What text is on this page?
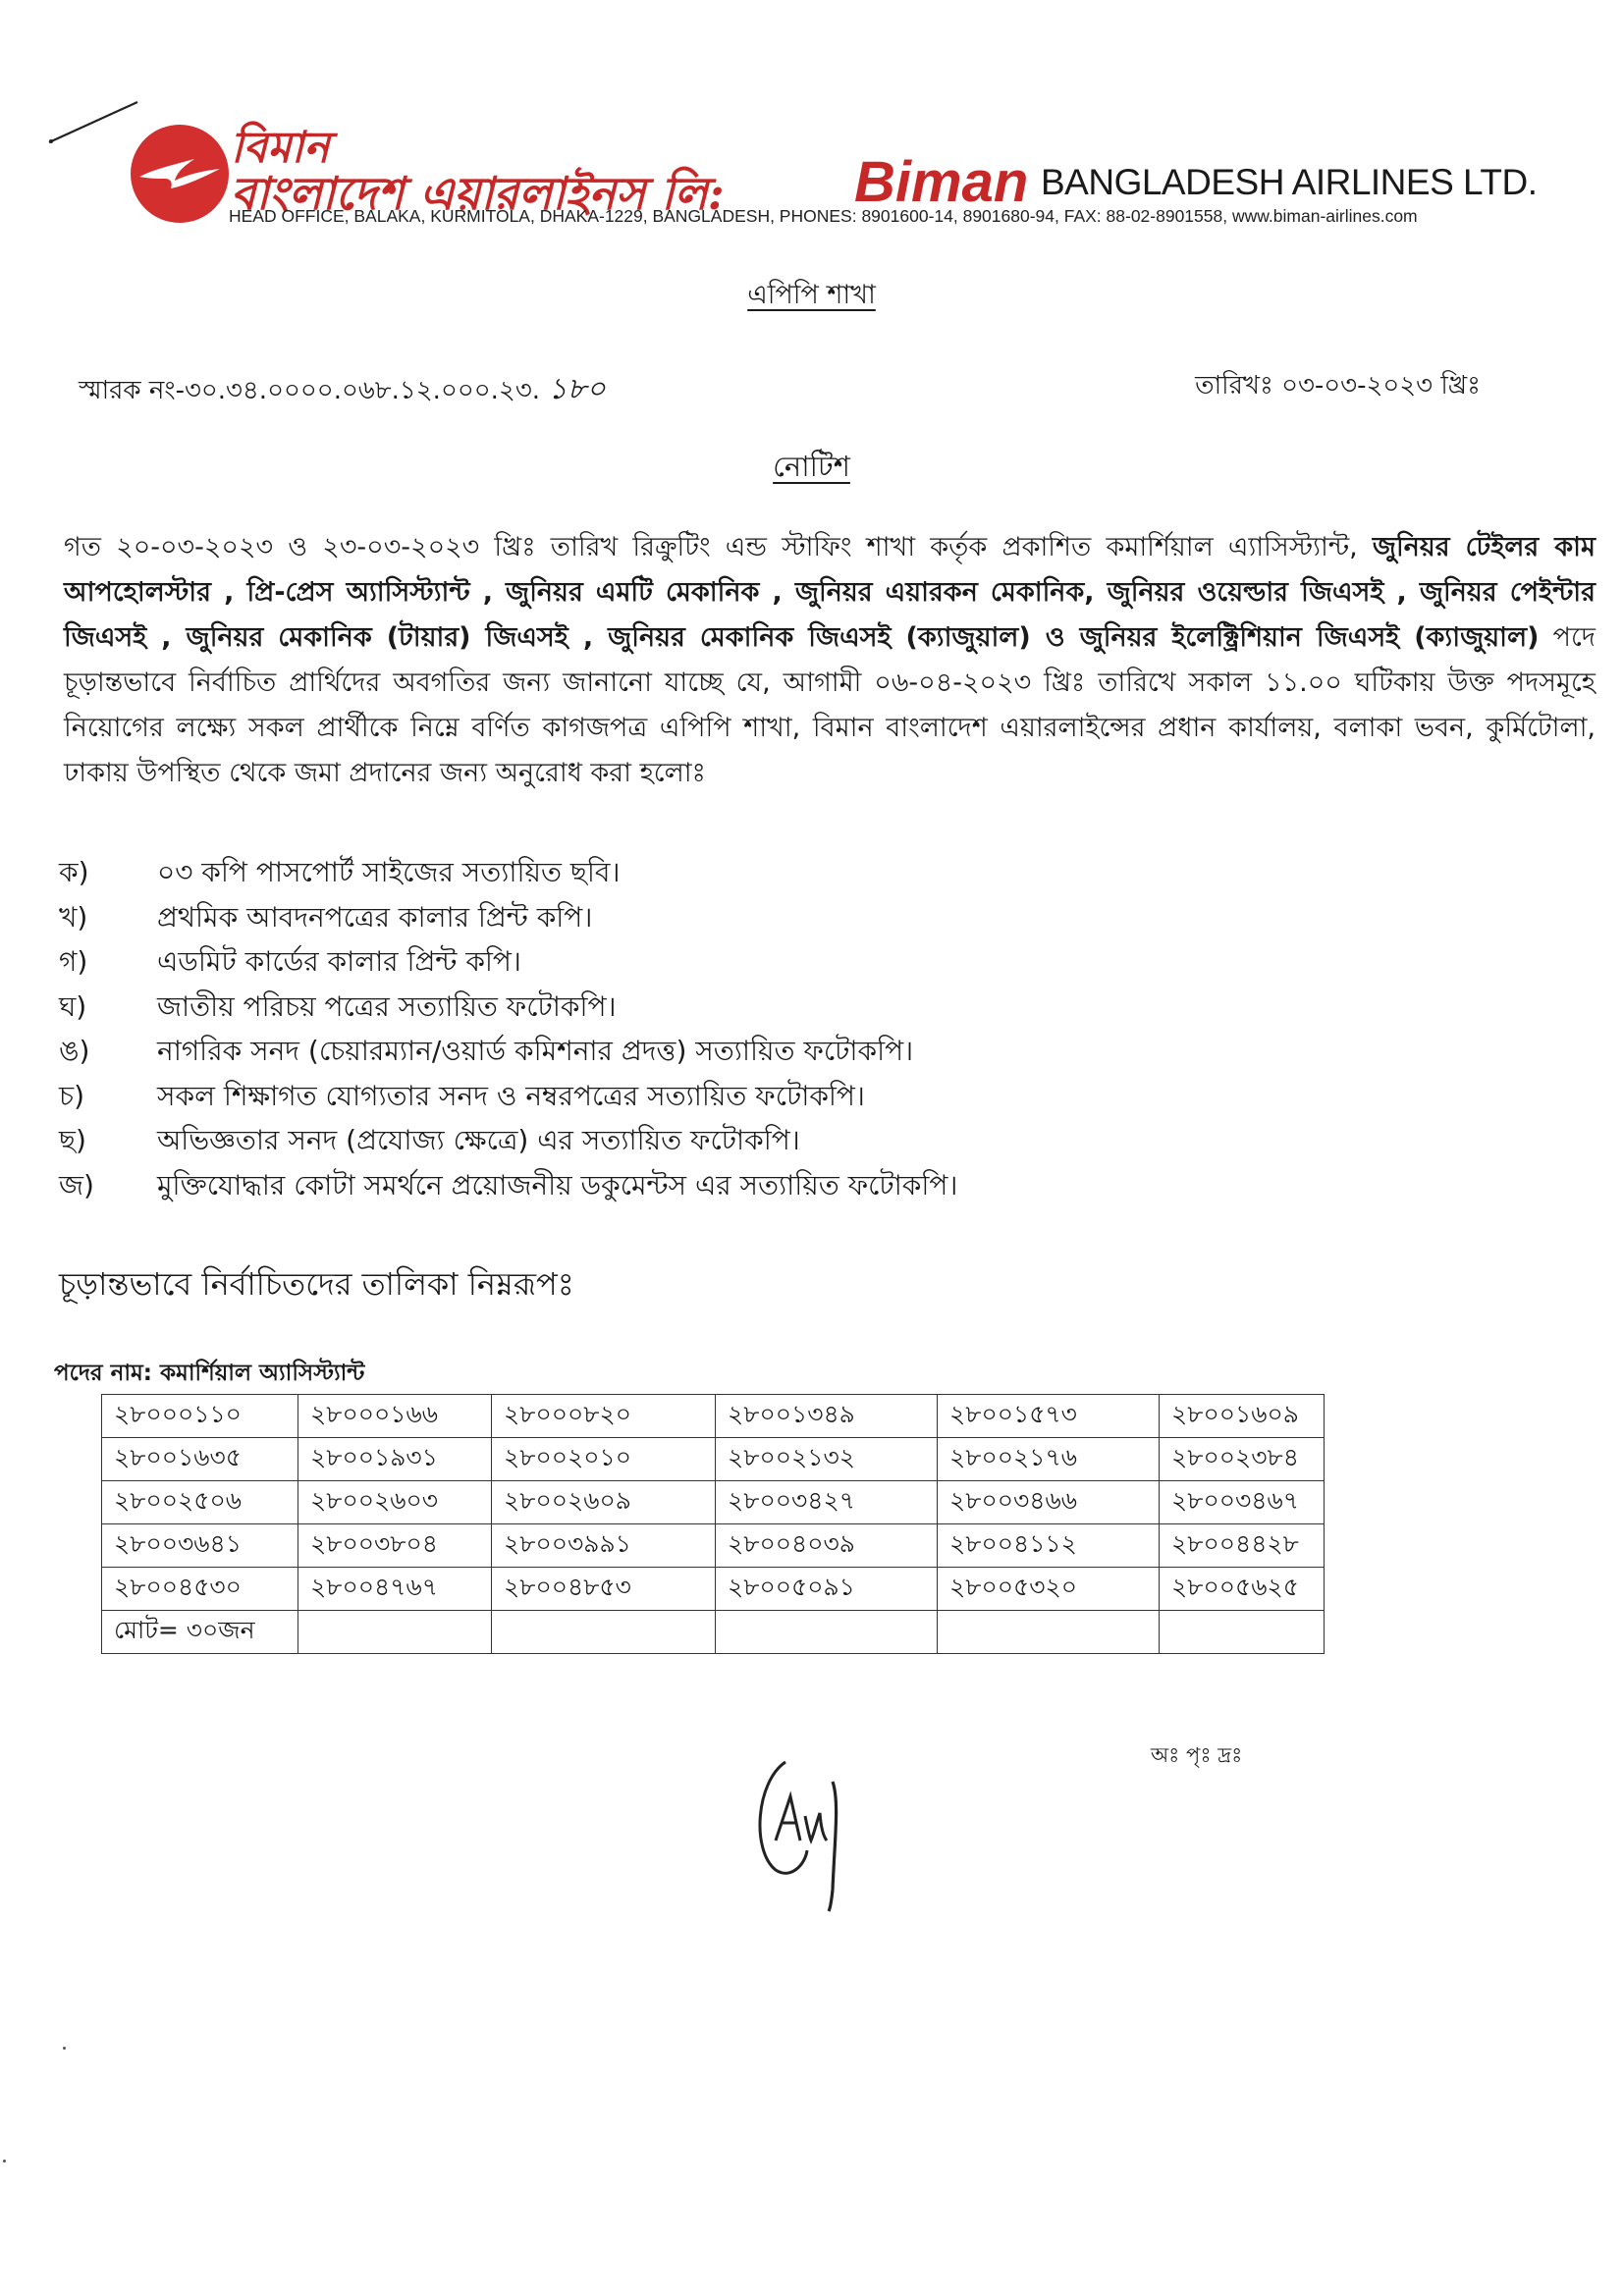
বিমান
বাংলাদেশ এয়ারলাইনস লি: Biman BANGLADESH AIRLINES LTD.
HEAD OFFICE, BALAKA, KURMITOLA, DHAKA-1229, BANGLADESH, PHONES: 8901600-14, 8901680-94, FAX: 88-02-8901558, www.biman-airlines.com
এপিপি শাখা
স্মারক নং-৩০.৩৪.০০০০.০৬৮.১২.০০০.২৩. ১৮০	তারিখঃ ০৩-০৩-২০২৩ খ্রিঃ
নোটিশ
গত ২০-০৩-২০২৩ ও ২৩-০৩-২০২৩ খ্রিঃ তারিখ রিক্রুটিং এন্ড স্টাফিং শাখা কর্তৃক প্রকাশিত কমার্শিয়াল এ্যাসিস্ট্যান্ট, জুনিয়র টেইলর কাম আপহোলস্টার , প্রি-প্রেস অ্যাসিস্ট্যান্ট , জুনিয়র এমটি মেকানিক , জুনিয়র এয়ারকন মেকানিক, জুনিয়র ওয়েল্ডার জিএসই , জুনিয়র পেইন্টার জিএসই , জুনিয়র মেকানিক (টায়ার) জিএসই , জুনিয়র মেকানিক জিএসই (ক্যাজুয়াল) ও জুনিয়র ইলেক্ট্রিশিয়ান জিএসই (ক্যাজুয়াল) পদে চূড়ান্তভাবে নির্বাচিত প্রার্থিদের অবগতির জন্য জানানো যাচ্ছে যে, আগামী ০৬-০৪-২০২৩ খ্রিঃ তারিখে সকাল ১১.০০ ঘটিকায় উক্ত পদসমূহে নিয়োগের লক্ষ্যে সকল প্রার্থীকে নিম্নে বর্ণিত কাগজপত্র এপিপি শাখা, বিমান বাংলাদেশ এয়ারলাইন্সের প্রধান কার্যালয়, বলাকা ভবন, কুর্মিটোলা, ঢাকায় উপস্থিত থেকে জমা প্রদানের জন্য অনুরোধ করা হলোঃ
ক)	০৩ কপি পাসপোর্ট সাইজের সত্যায়িত ছবি।
খ)	প্রথমিক আবদনপত্রের কালার প্রিন্ট কপি।
গ)	এডমিট কার্ডের কালার প্রিন্ট কপি।
ঘ)	জাতীয় পরিচয় পত্রের সত্যায়িত ফটোকপি।
ঙ)	নাগরিক সনদ (চেয়ারম্যান/ওয়ার্ড কমিশনার প্রদত্ত) সত্যায়িত ফটোকপি।
চ)	সকল শিক্ষাগত যোগ্যতার সনদ ও নম্বরপত্রের সত্যায়িত ফটোকপি।
ছ)	অভিজ্ঞতার সনদ (প্রযোজ্য ক্ষেত্রে) এর সত্যায়িত ফটোকপি।
জ)	মুক্তিযোদ্ধার কোটা সমর্থনে প্রয়োজনীয় ডকুমেন্টস এর সত্যায়িত ফটোকপি।
চূড়ান্তভাবে নির্বাচিতদের তালিকা নিম্নরূপঃ
পদের নাম: কমার্শিয়াল অ্যাসিস্ট্যান্ট
২৮০০০১১০	২৮০০০১৬৬	২৮০০০৮২০	২৮০০১৩৪৯	২৮০০১৫৭৩	২৮০০১৬০৯
২৮০০১৬৩৫	২৮০০১৯৩১	২৮০০২০১০	২৮০০২১৩২	২৮০০২১৭৬	২৮০০২৩৮৪
২৮০০২৫০৬	২৮০০২৬০৩	২৮০০২৬০৯	২৮০০৩৪২৭	২৮০০৩৪৬৬	২৮০০৩৪৬৭
২৮০০৩৬৪১	২৮০০৩৮০৪	২৮০০৩৯৯১	২৮০০৪০৩৯	২৮০০৪১১২	২৮০০৪৪২৮
২৮০০৪৫৩০	২৮০০৪৭৬৭	২৮০০৪৮৫৩	২৮০০৫০৯১	২৮০০৫৩২০	২৮০০৫৬২৫
মোট= ৩০জন					
অঃ পৃঃ দ্রঃ
